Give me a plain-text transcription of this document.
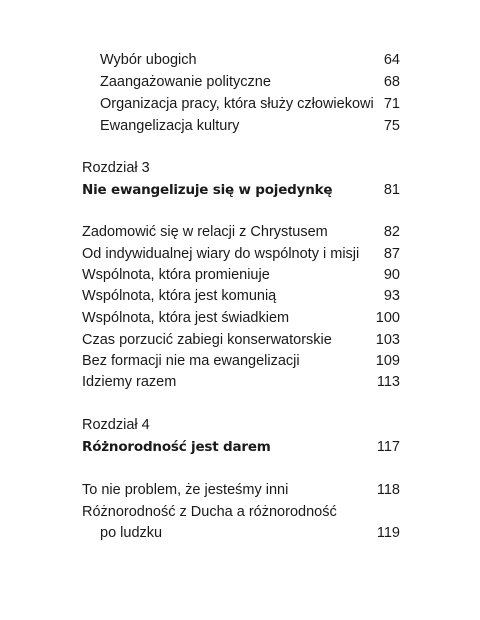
Wybór ubogich	64
Zaangażowanie polityczne	68
Organizacja pracy, która służy człowiekowi 71
Ewangelizacja kultury	75
Rozdział 3
Nie ewangelizuje się w pojedynkę	81
Zadomowić się w relacji z Chrystusem	82
Od indywidualnej wiary do wspólnoty i misji 87
Wspólnota, która promieniuje	90
Wspólnota, która jest komunią	93
Wspólnota, która jest świadkiem	100
Czas porzucić zabiegi konserwatorskie	103
Bez formacji nie ma ewangelizacji	109
Idziemy razem	113
Rozdział 4
Różnorodność jest darem	117
To nie problem, że jesteśmy inni	118
Różnorodność z Ducha a różnorodność
po ludzku	119
